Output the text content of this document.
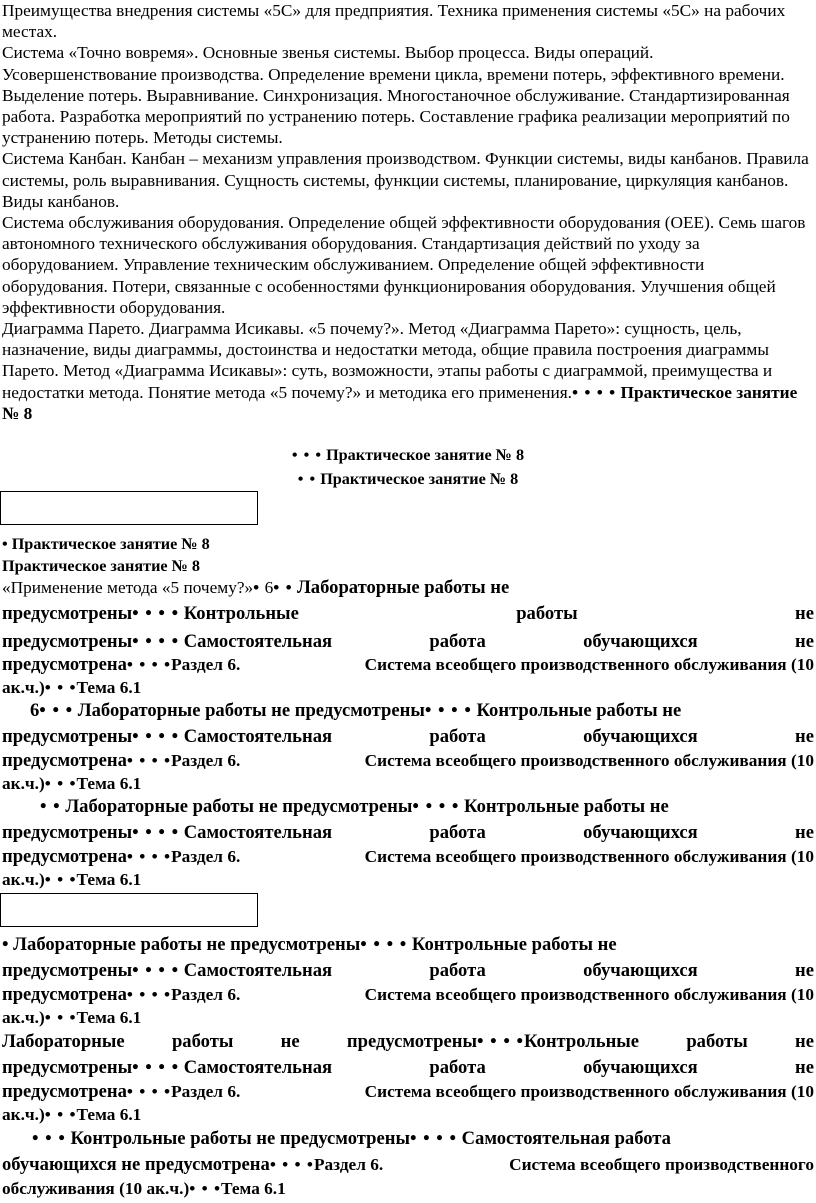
Преимущества внедрения системы «5С» для предприятия. Техника применения системы «5С» на рабочих местах.

Система «Точно вовремя». Основные звенья системы. Выбор процесса. Виды операций. Усовершенствование производства. Определение времени цикла, времени потерь, эффективного времени. Выделение потерь. Выравнивание. Синхронизация. Многостаночное обслуживание. Стандартизированная работа. Разработка мероприятий по устранению потерь. Составление графика реализации мероприятий по устранению потерь. Методы системы.

Система Канбан. Канбан – механизм управления производством. Функции системы, виды канбанов. Правила системы, роль выравнивания. Сущность системы, функции системы, планирование, циркуляция канбанов. Виды канбанов.

Система обслуживания оборудования. Определение общей эффективности оборудования (ОЕЕ). Семь шагов автономного технического обслуживания оборудования. Стандартизация действий по уходу за оборудованием. Управление техническим обслуживанием. Определение общей эффективности оборудования. Потери, связанные с особенностями функционирования оборудования. Улучшения общей эффективности оборудования.

Диаграмма Парето. Диаграмма Исикавы. «5 почему?». Метод «Диаграмма Парето»: сущность, цель, назначение, виды диаграммы, достоинства и недостатки метода, общие правила построения диаграммы Парето. Метод «Диаграмма Исикавы»: суть, возможности, этапы работы с диаграммой, преимущества и недостатки метода. Понятие метода «5 почему?» и методика его применения.• • • • Практическое занятие № 8

• • • Практическое занятие № 8
• • Практическое занятие № 8
• Практическое занятие № 8
Практическое занятие № 8
«Применение метода «5 почему?»• 6• • Лабораторные работы не
предусмотрены• • • • Контрольные	работы	не
предусмотрены• • • • Самостоятельная	работа	обучающихся	не
предусмотрена• • • •Раздел 6.	Система всеобщего производственного обслуживания (10
ак.ч.)• • •Тема 6.1
6• • • Лабораторные работы не предусмотрены• • • • Контрольные работы не
предусмотрены• • • • Самостоятельная	работа	обучающихся	не
предусмотрена• • • •Раздел 6.	Система всеобщего производственного обслуживания (10
ак.ч.)• • •Тема 6.1
• • Лабораторные работы не предусмотрены• • • • Контрольные работы не
предусмотрены• • • • Самостоятельная	работа	обучающихся	не
предусмотрена• • • •Раздел 6.	Система всеобщего производственного обслуживания (10
ак.ч.)• • •Тема 6.1
• Лабораторные работы не предусмотрены• • • • Контрольные работы не
предусмотрены• • • • Самостоятельная	работа	обучающихся	не
предусмотрена• • • •Раздел 6.	Система всеобщего производственного обслуживания (10
ак.ч.)• • •Тема 6.1
Лабораторные	работы	не	предусмотрены• • • •Контрольные	работы	не
предусмотрены• • • • Самостоятельная	работа	обучающихся	не
предусмотрена• • • •Раздел 6.	Система всеобщего производственного обслуживания (10
ак.ч.)• • •Тема 6.1
• • • Контрольные работы не предусмотрены• • • • Самостоятельная работа
обучающихся не предусмотрена• • • •Раздел 6.	Система всеобщего производственного
обслуживания (10 ак.ч.)• • •Тема 6.1
